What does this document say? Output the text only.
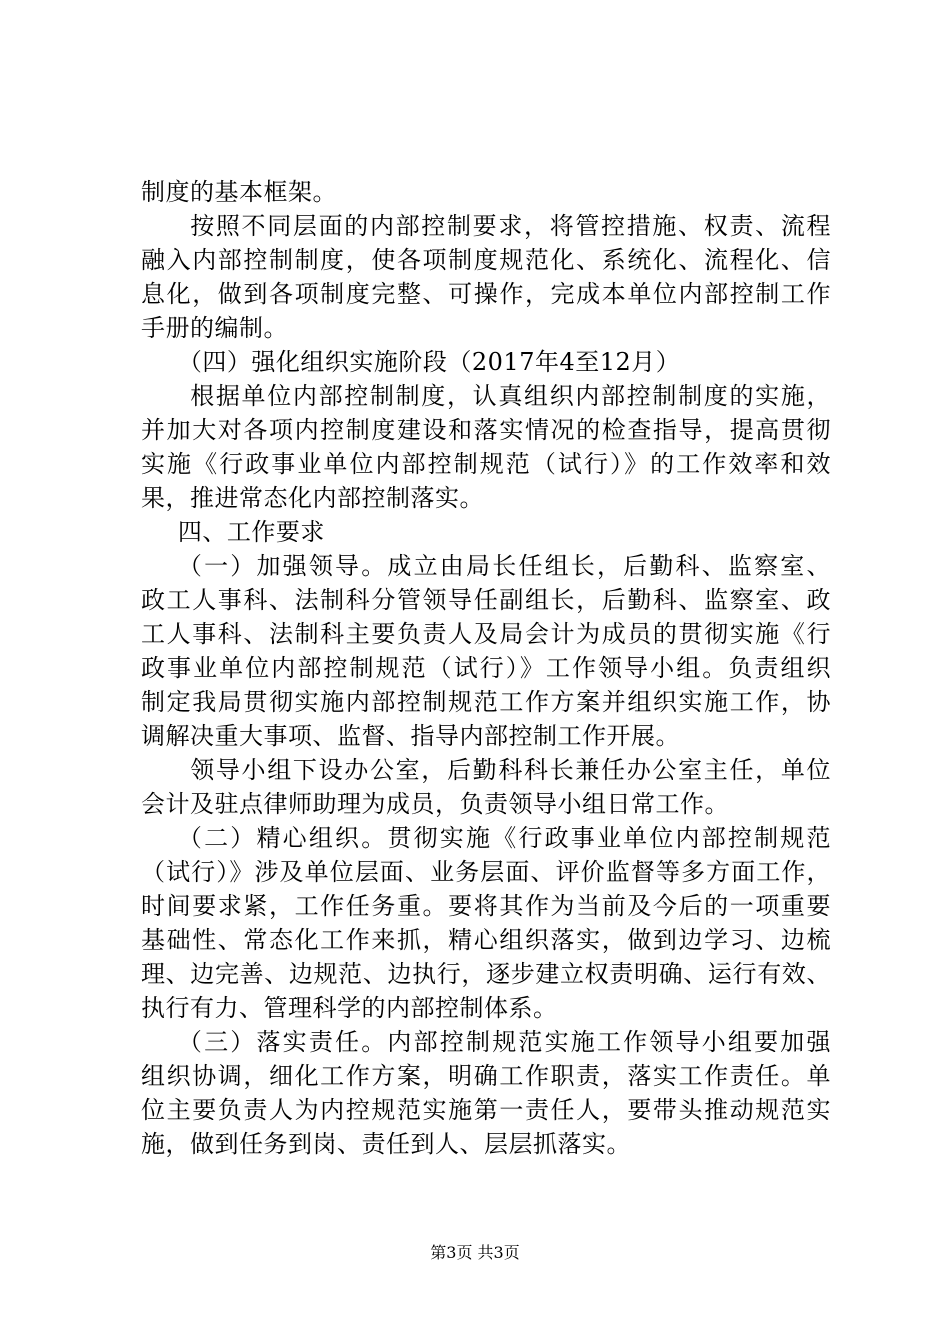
制度的基本框架。
按照不同层面的内部控制要求，将管控措施、权责、流程
融入内部控制制度，使各项制度规范化、系统化、流程化、信
息化，做到各项制度完整、可操作，完成本单位内部控制工作
手册的编制。
（四）强化组织实施阶段（2017年4至12月）
根据单位内部控制制度，认真组织内部控制制度的实施，
并加大对各项内控制度建设和落实情况的检查指导，提高贯彻
实施《行政事业单位内部控制规范（试行）》的工作效率和效
果，推进常态化内部控制落实。
四、工作要求
（一）加强领导。成立由局长任组长，后勤科、监察室、
政工人事科、法制科分管领导任副组长，后勤科、监察室、政
工人事科、法制科主要负责人及局会计为成员的贯彻实施《行
政事业单位内部控制规范（试行）》工作领导小组。负责组织
制定我局贯彻实施内部控制规范工作方案并组织实施工作，协
调解决重大事项、监督、指导内部控制工作开展。
领导小组下设办公室，后勤科科长兼任办公室主任，单位
会计及驻点律师助理为成员，负责领导小组日常工作。
（二）精心组织。贯彻实施《行政事业单位内部控制规范
（试行）》涉及单位层面、业务层面、评价监督等多方面工作，
时间要求紧，工作任务重。要将其作为当前及今后的一项重要
基础性、常态化工作来抓，精心组织落实，做到边学习、边梳
理、边完善、边规范、边执行，逐步建立权责明确、运行有效、
执行有力、管理科学的内部控制体系。
（三）落实责任。内部控制规范实施工作领导小组要加强
组织协调，细化工作方案，明确工作职责，落实工作责任。单
位主要负责人为内控规范实施第一责任人，要带头推动规范实
施，做到任务到岗、责任到人、层层抓落实。
第3页 共3页
